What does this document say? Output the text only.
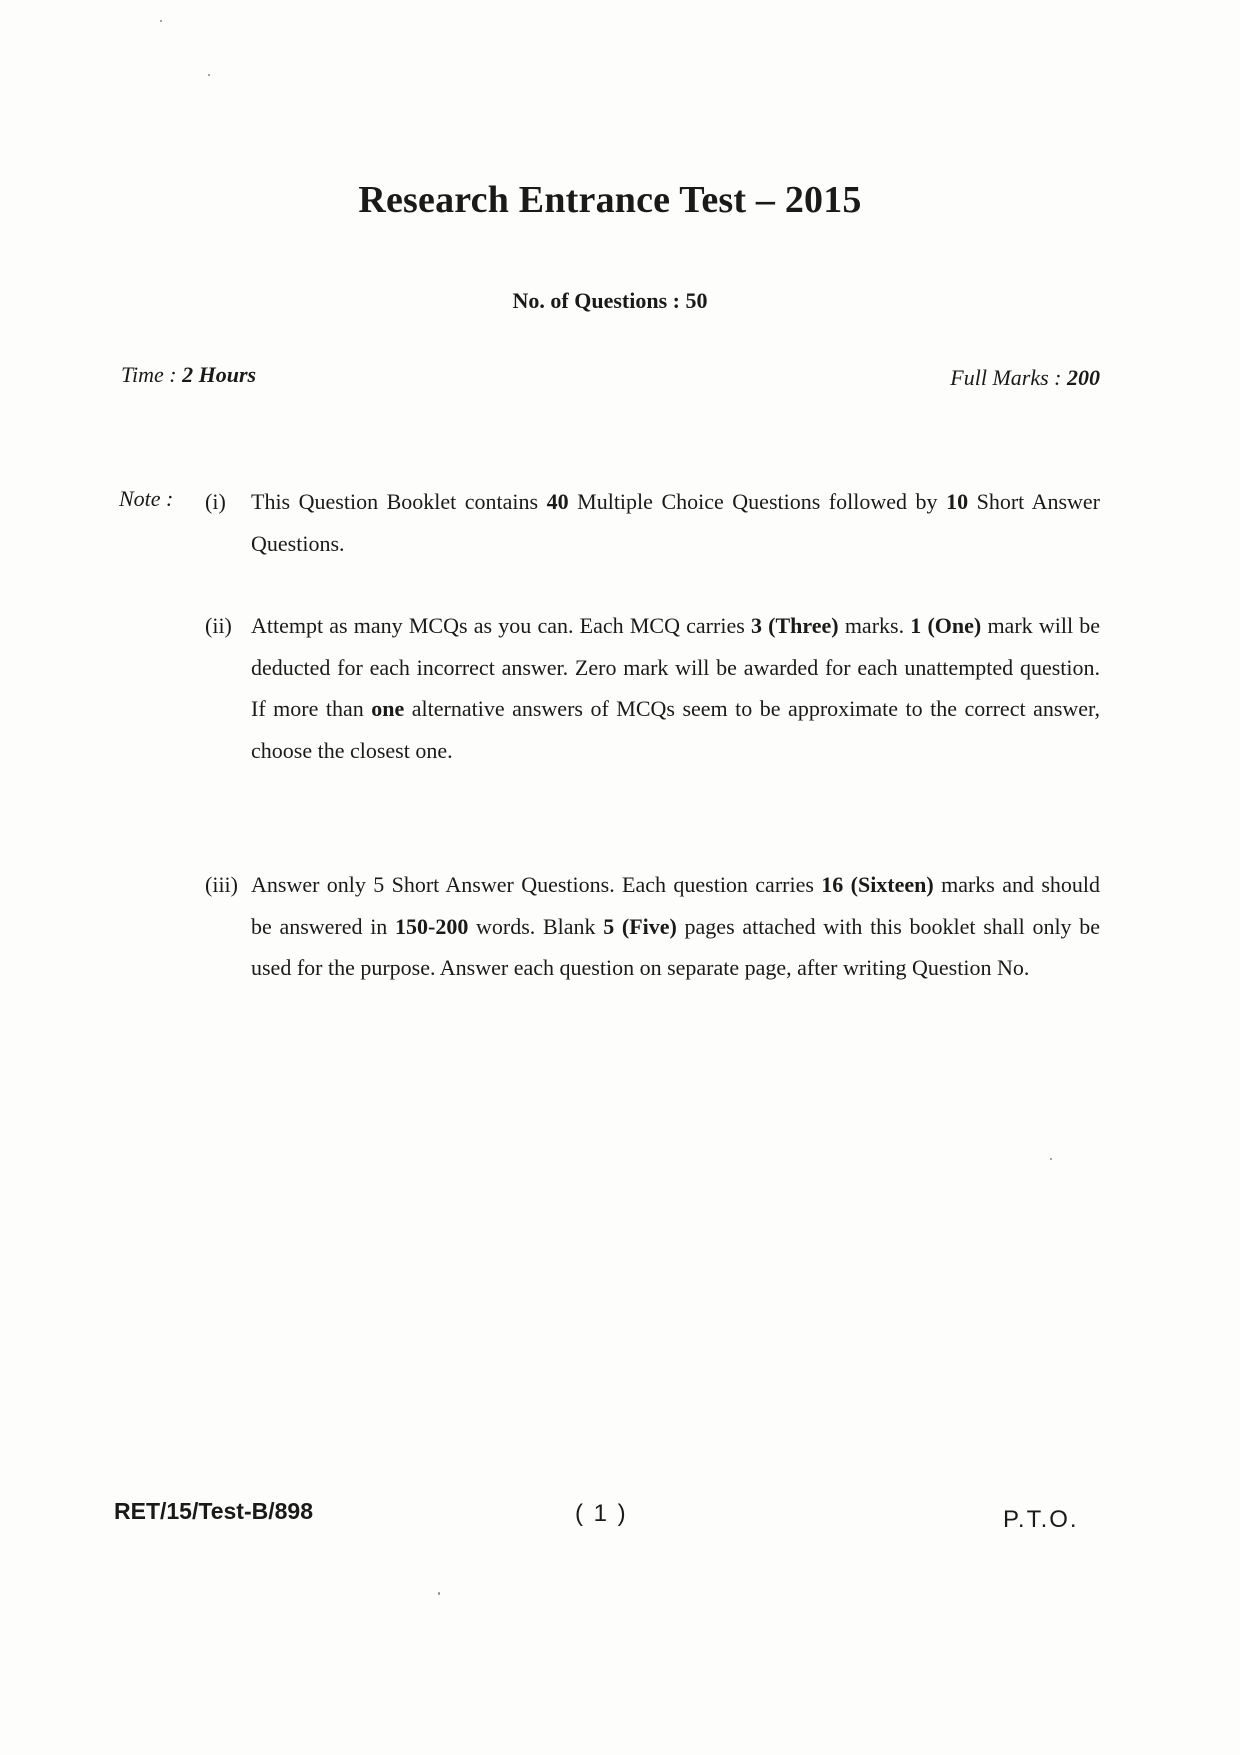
Research Entrance Test – 2015
No. of Questions : 50
Time : 2 Hours	Full Marks : 200
Note : (i) This Question Booklet contains 40 Multiple Choice Questions followed by 10 Short Answer Questions.
(ii) Attempt as many MCQs as you can. Each MCQ carries 3 (Three) marks. 1 (One) mark will be deducted for each incorrect answer. Zero mark will be awarded for each unattempted question. If more than one alternative answers of MCQs seem to be approximate to the correct answer, choose the closest one.
(iii) Answer only 5 Short Answer Questions. Each question carries 16 (Sixteen) marks and should be answered in 150-200 words. Blank 5 (Five) pages attached with this booklet shall only be used for the purpose. Answer each question on separate page, after writing Question No.
RET/15/Test-B/898	( 1 )	P.T.O.
